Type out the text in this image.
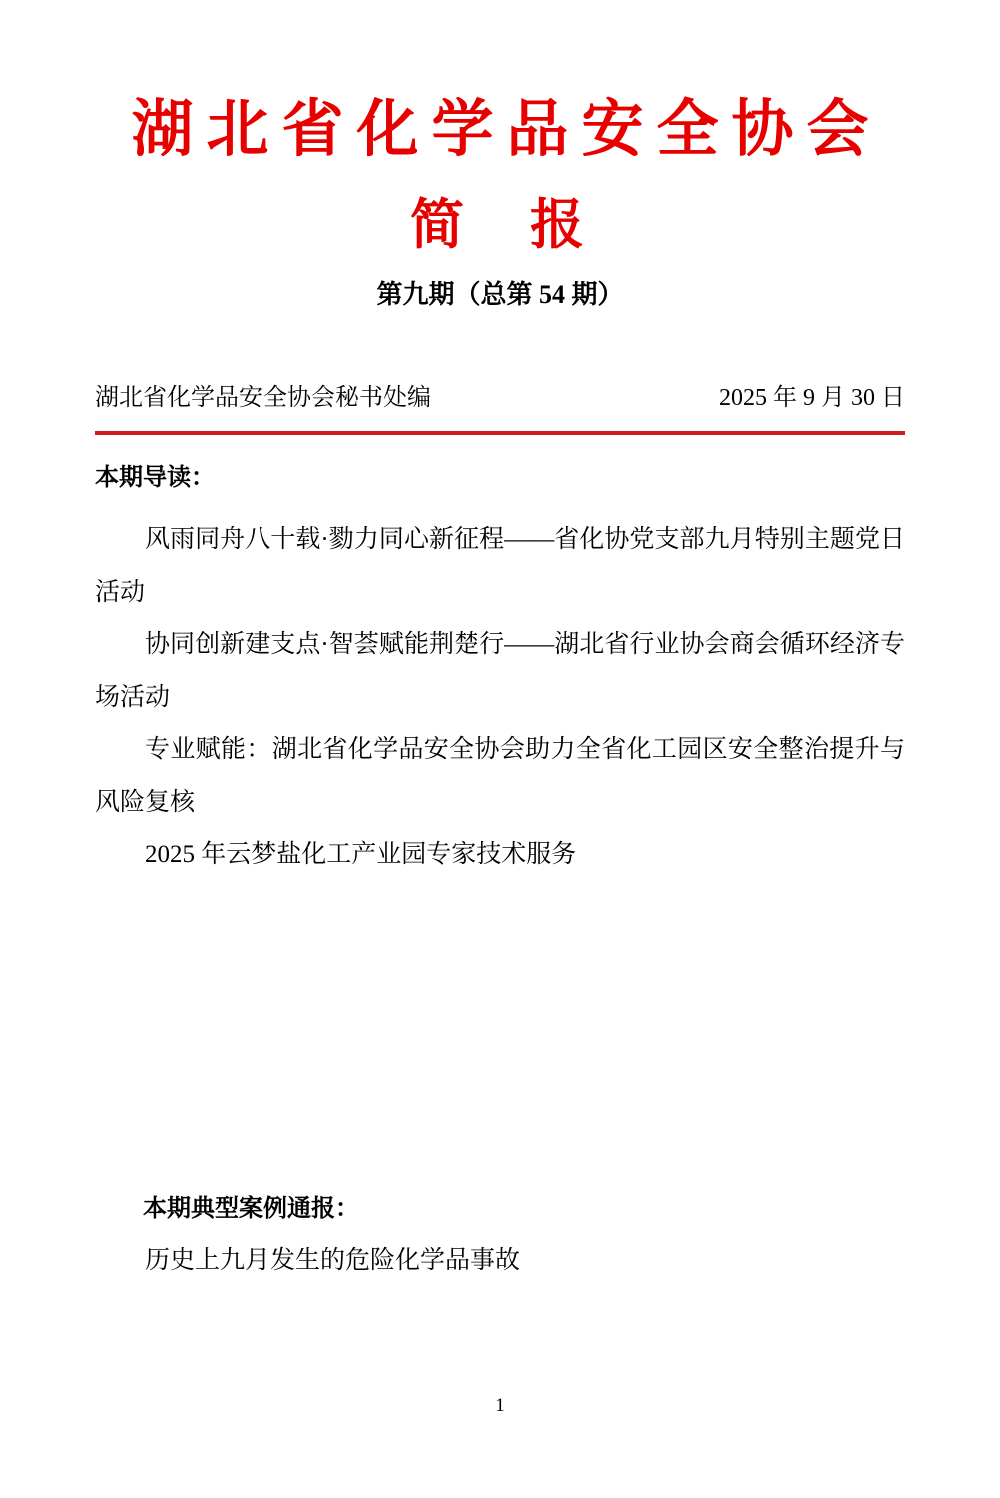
湖北省化学品安全协会
简　报
第九期（总第 54 期）
湖北省化学品安全协会秘书处编	2025 年 9 月 30 日
本期导读：

风雨同舟八十载·勠力同心新征程——省化协党支部九月特别主题党日活动

协同创新建支点·智荟赋能荆楚行——湖北省行业协会商会循环经济专场活动

专业赋能：湖北省化学品安全协会助力全省化工园区安全整治提升与风险复核

2025 年云梦盐化工产业园专家技术服务

本期典型案例通报：

历史上九月发生的危险化学品事故

1
